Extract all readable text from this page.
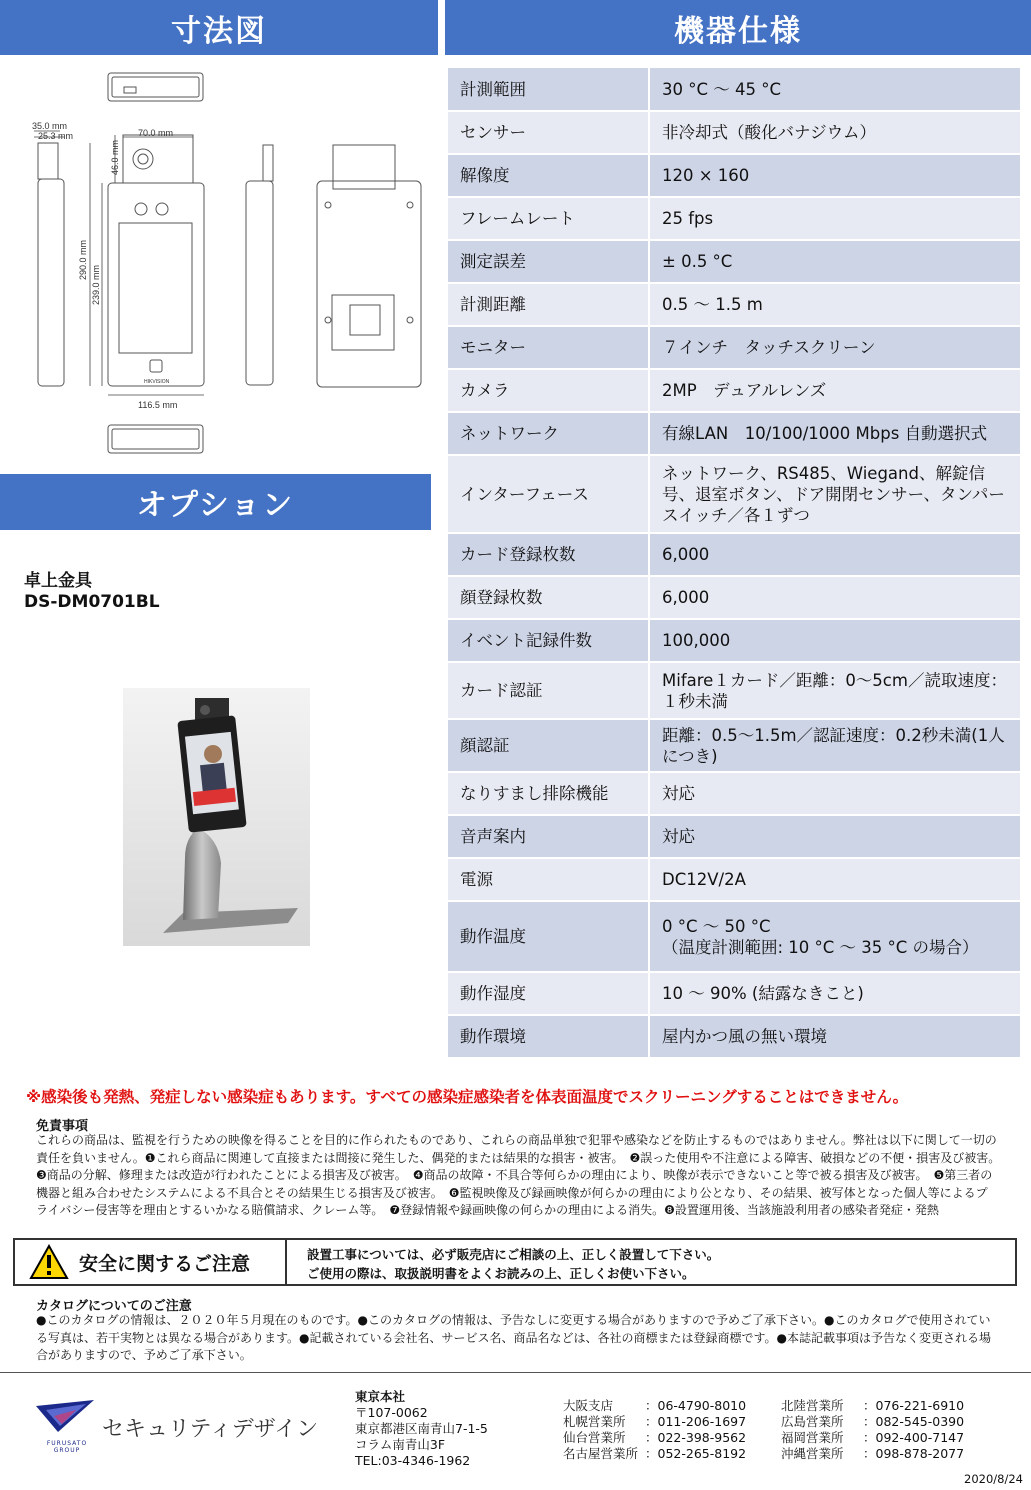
寸法図	機器仕様
オプション
35.0 mm
25.3 mm	70.0 mm
46.0 mm
290.0 mm
239.0 mm
116.5 mm
HIKVISION
卓上金具
DS-DM0701BL
計測範囲	30 °C ～ 45 °C
センサー	非冷却式（酸化バナジウム）
解像度	120 × 160
フレームレート	25 fps
測定誤差	± 0.5 °C
計測距離	0.5 ～ 1.5 m
モニター	７インチ　タッチスクリーン
カメラ	2MP　デュアルレンズ
ネットワーク	有線LAN　10/100/1000 Mbps 自動選択式
インターフェース	ネットワーク、RS485、Wiegand、解錠信号、退室ボタン、ドア開閉センサー、タンパースイッチ／各１ずつ
カード登録枚数	6,000
顔登録枚数	6,000
イベント記録件数	100,000
カード認証	Mifare１カード／距離：0～5cm／読取速度：１秒未満
顔認証	距離：0.5～1.5m／認証速度：0.2秒未満(1人につき)
なりすまし排除機能	対応
音声案内	対応
電源	DC12V/2A
動作温度	0 °C ～ 50 °C
（温度計測範囲: 10 °C ～ 35 °C の場合）

動作湿度	10 ～ 90% (結露なきこと)
動作環境	屋内かつ風の無い環境
※感染後も発熱、発症しない感染症もあります。すべての感染症感染者を体表面温度でスクリーニングすることはできません。
免責事項
これらの商品は、監視を行うための映像を得ることを目的に作られたものであり、これらの商品単独で犯罪や感染などを防止するものではありません。弊社は以下に関して一切の責任を負いません。❶これら商品に関連して直接または間接に発生した、偶発的または結果的な損害・被害。　❷誤った使用や不注意による障害、破損などの不便・損害及び被害。　❸商品の分解、修理または改造が行われたことによる損害及び被害。　❹商品の故障・不具合等何らかの理由により、映像が表示できないこと等で被る損害及び被害。　❺第三者の機器と組み合わせたシステムによる不具合とその結果生じる損害及び被害。　❻監視映像及び録画映像が何らかの理由により公となり、その結果、被写体となった個人等によるプライバシー侵害等を理由とするいかなる賠償請求、クレーム等。　❼登録情報や録画映像の何らかの理由による消失。❽設置運用後、当該施設利用者の感染者発症・発熱
安全に関するご注意	設置工事については、必ず販売店にご相談の上、正しく設置して下さい。
ご使用の際は、取扱説明書をよくお読みの上、正しくお使い下さい。
カタログについてのご注意
●このカタログの情報は、２０２０年５月現在のものです。●このカタログの情報は、予告なしに変更する場合がありますので予めご了承下さい。●このカタログで使用されている写真は、若干実物とは異なる場合があります。●記載されている会社名、サービス名、商品名などは、各社の商標または登録商標です。●本誌記載事項は予告なく変更される場合がありますので、予めご了承下さい。
FURUSATO GROUP
セキュリティデザイン
東京本社
〒107-0062
東京都港区南青山7-1-5
コラム南青山3F
TEL:03-4346-1962
大阪支店	：06-4790-8010
札幌営業所	：011-206-1697
仙台営業所	：022-398-9562
名古屋営業所 ：052-265-8192
北陸営業所	：076-221-6910
広島営業所	：082-545-0390
福岡営業所	：092-400-7147
沖縄営業所	：098-878-2077
2020/8/24
